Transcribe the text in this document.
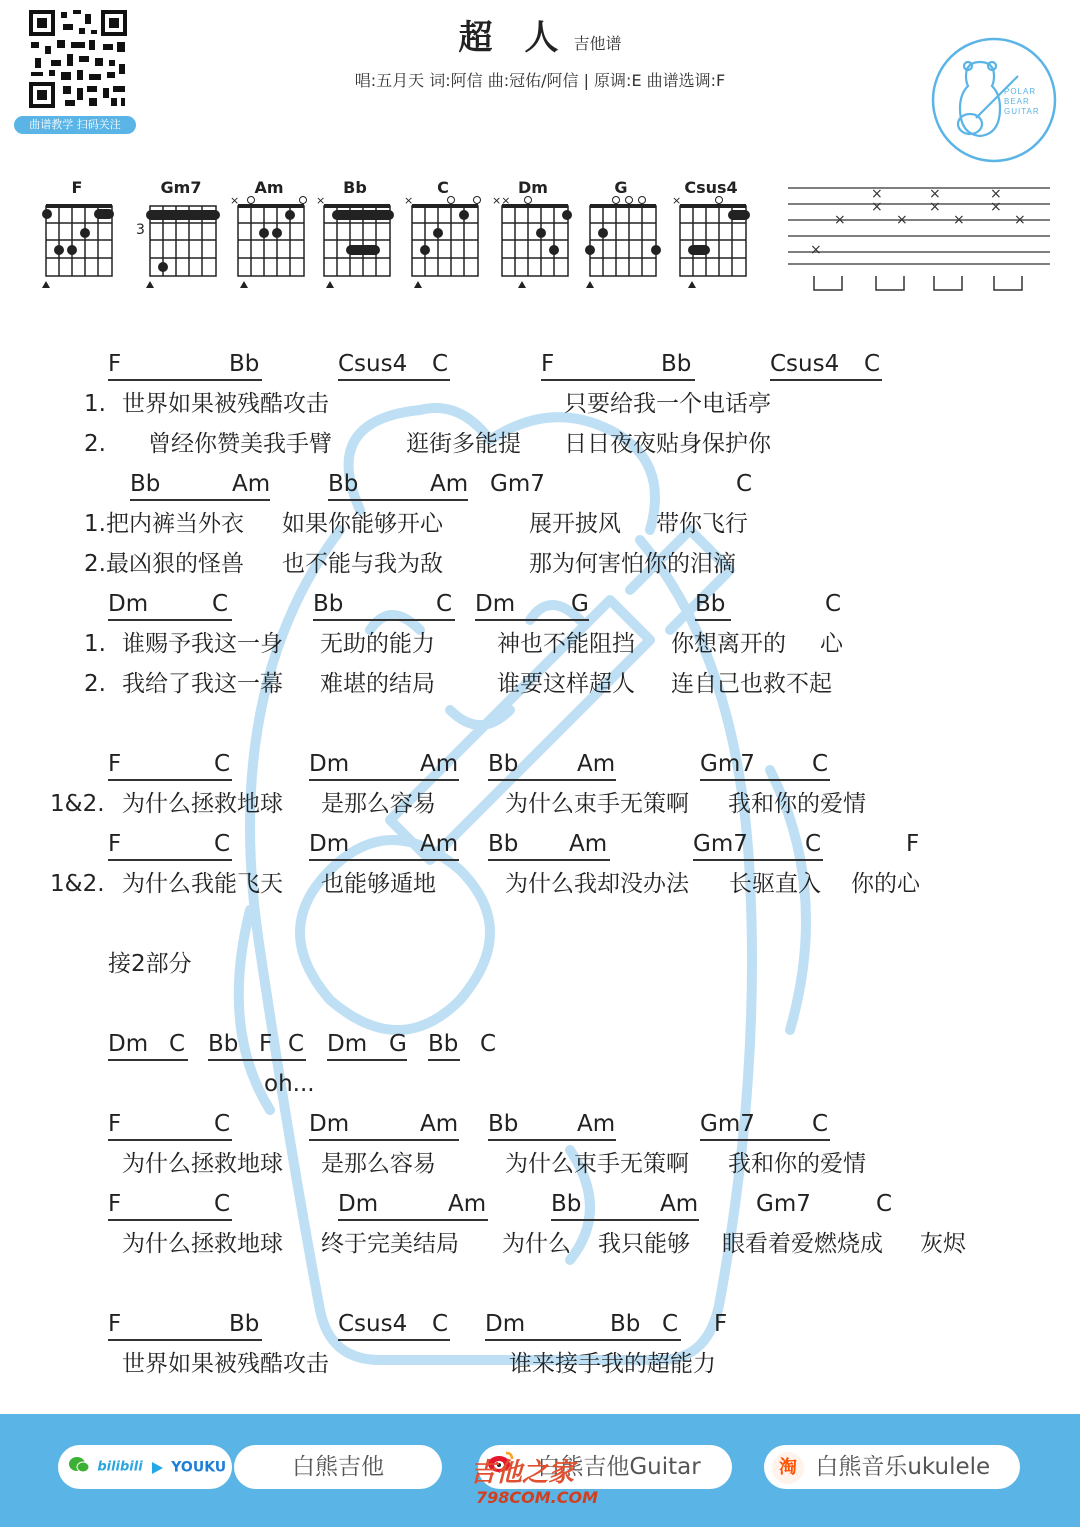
曲谱教学 扫码关注
超 人 吉他谱
唱:五月天 词:阿信 曲:冠佑/阿信 | 原调:E 曲谱选调:F
POLAR
BEAR
GUITAR
F	Gm7
3
Am
×
Bb
×
C
×
Dm
××
G	Csus4
×	×
×
×
×
×
×
×	×	×	×
×
F	Bb	Csus4 C	F	Bb	Csus4 C
1. 世界如果被残酷攻击	只要给我一个电话亭
2. 曾经你赞美我手臂	逛街多能提 日日夜夜贴身保护你
Bb	Am	Bb	Am Gm7	C
1.把内裤当外衣 如果你能够开心	展开披风 带你飞行
2.最凶狠的怪兽 也不能与我为敌	那为何害怕你的泪滴
Dm	C	Bb	C Dm G	Bb	C
1. 谁赐予我这一身 无助的能力	神也不能阻挡 你想离开的 心
2. 我给了我这一幕 难堪的结局	谁要这样超人 连自己也救不起
F	C	Dm	Am Bb	Am	Gm7 C
1&2. 为什么拯救地球 是那么容易	为什么束手无策啊 我和你的爱情
F	C	Dm	Am Bb Am	Gm7 C	F
1&2. 为什么我能飞天 也能够遁地	为什么我却没办法 长驱直入 你的心
接2部分
Dm C Bb F C Dm G Bb C
oh...
F	C	Dm	Am Bb	Am	Gm7 C
为什么拯救地球 是那么容易	为什么束手无策啊 我和你的爱情
F	C	Dm	Am	Bb	Am	Gm7	C
为什么拯救地球 终于完美结局 为什么 我只能够 眼看着爱燃烧成 灰烬
F	Bb	Csus4 C Dm	Bb C F
世界如果被残酷攻击	谁来接手我的超能力
bilibili YOUKU	白熊吉他	白熊吉他Guitar	淘 白熊音乐ukulele
吉他之家
798COM.COM
